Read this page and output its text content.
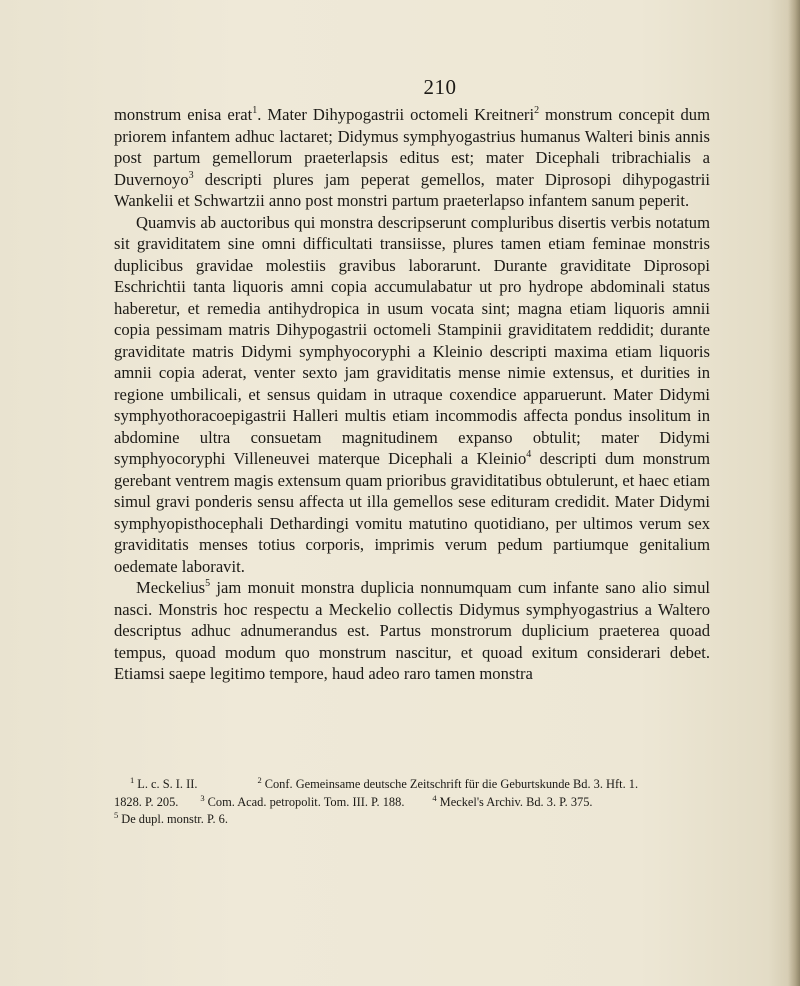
210

monstrum enisa erat$^1$. Mater Dihypogastrii octomeli Kreitneri$^2$ monstrum concepit dum priorem infantem adhuc lactaret; Didymus symphyogastrius humanus Walteri binis annis post partum gemellorum praeterlapsis editus est; mater Dicephali tribrachialis a Duvernoyo$^3$ descripti plures jam peperat gemellos, mater Diprosopi dihypogastrii Wankelii et Schwartzii anno post monstri partum praeterlapso infantem sanum peperit.

Quamvis ab auctoribus qui monstra descripserunt compluribus disertis verbis notatum sit graviditatem sine omni difficultati transiisse, plures tamen etiam feminae monstris duplicibus gravidae molestiis gravibus laborarunt. Durante graviditate Diprosopi Eschrichtii tanta liquoris amni copia accumulabatur ut pro hydrope abdominali status haberetur, et remedia antihydropica in usum vocata sint; magna etiam liquoris amnii copia pessimam matris Dihypogastrii octomeli Stampinii graviditatem reddidit; durante graviditate matris Didymi symphyocoryphi a Kleinio descripti maxima etiam liquoris amnii copia aderat, venter sexto jam graviditatis mense nimie extensus, et durities in regione umbilicali, et sensus quidam in utraque coxendice apparuerunt. Mater Didymi symphyothoracoepigastrii Halleri multis etiam incommodis affecta pondus insolitum in abdomine ultra consuetam magnitudinem expanso obtulit; mater Didymi symphyocoryphi Villeneuvei materque Dicephali a Kleinio$^4$ descripti dum monstrum gerebant ventrem magis extensum quam prioribus graviditatibus obtulerunt, et haec etiam simul gravi ponderis sensu affecta ut illa gemellos sese edituram credidit. Mater Didymi symphyopisthocephali Dethardingi vomitu matutino quotidiano, per ultimos verum sex graviditatis menses totius corporis, imprimis verum pedum partiumque genitalium oedemate laboravit.

Meckelius$^5$ jam monuit monstra duplicia nonnumquam cum infante sano alio simul nasci. Monstris hoc respectu a Meckelio collectis Didymus symphyogastrius a Waltero descriptus adhuc adnumerandus est. Partus monstrorum duplicium praeterea quoad tempus, quoad modum quo monstrum nascitur, et quoad exitum considerari debet. Etiamsi saepe legitimo tempore, haud adeo raro tamen monstra

$^1$ L. c. S. I. II.	$^2$ Conf. Gemeinsame deutsche Zeitschrift für die Geburtskunde Bd. 3. Hft. 1.
1828. P. 205.	$^3$ Com. Acad. petropolit. Tom. III. P. 188.	$^4$ Meckel's Archiv. Bd. 3. P. 375.
$^5$ De dupl. monstr. P. 6.
